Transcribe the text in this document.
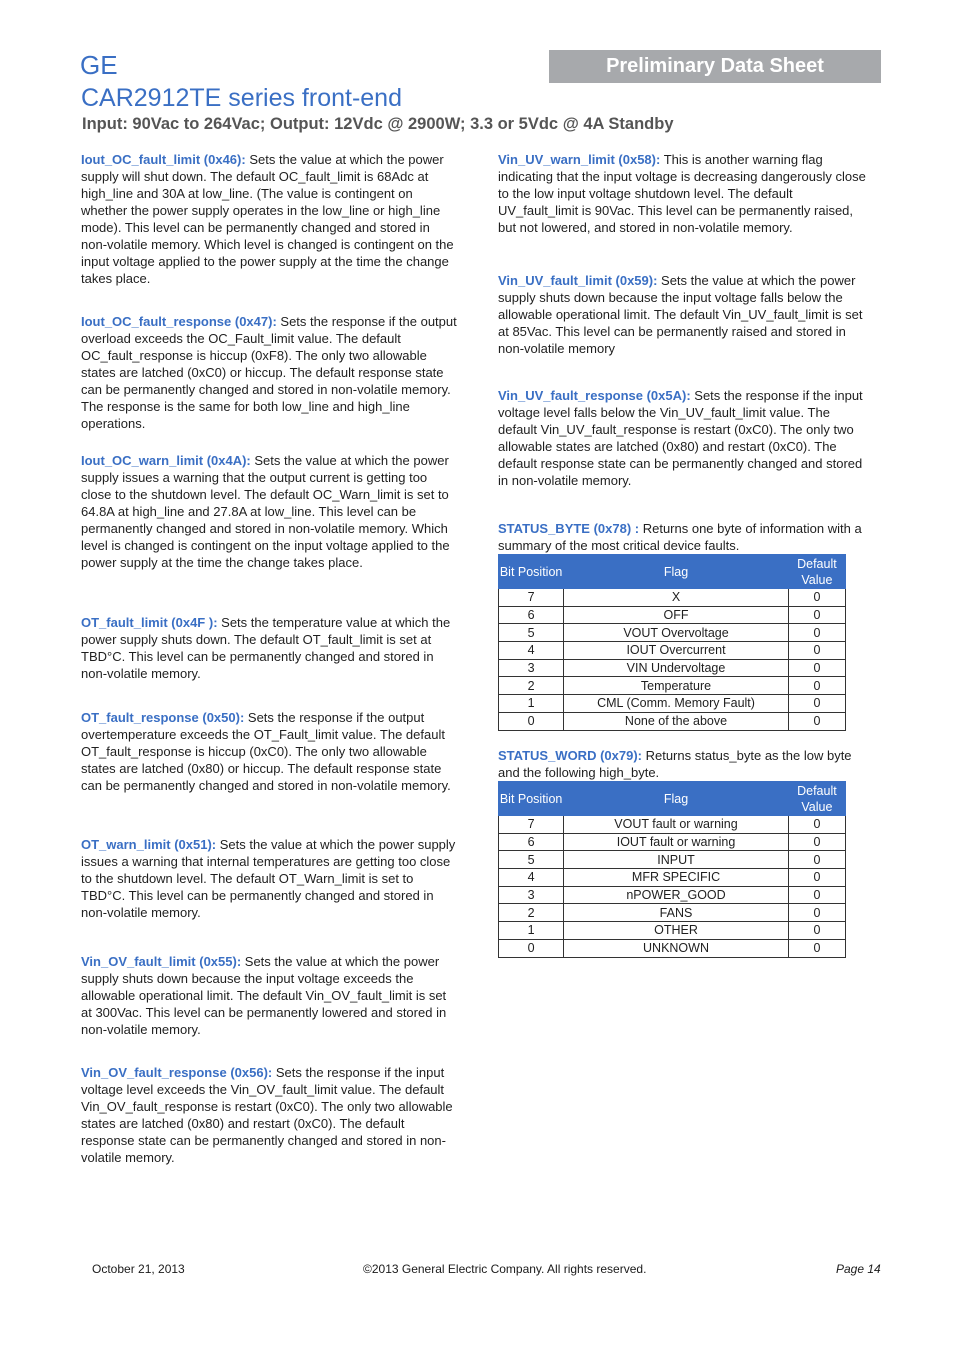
GE	Preliminary Data Sheet
CAR2912TE series front-end
Input: 90Vac to 264Vac; Output: 12Vdc @ 2900W; 3.3 or 5Vdc @ 4A Standby

Iout_OC_fault_limit (0x46): Sets the value at which the power supply will shut down. The default OC_fault_limit is 68Adc at high_line and 30A at low_line. (The value is contingent on whether the power supply operates in the low_line or high_line mode). This level can be permanently changed and stored in non-volatile memory. Which level is changed is contingent on the input voltage applied to the power supply at the time the change takes place.

Iout_OC_fault_response (0x47): Sets the response if the output overload exceeds the OC_Fault_limit value. The default OC_fault_response is hiccup (0xF8). The only two allowable states are latched (0xC0) or hiccup. The default response state can be permanently changed and stored in non-volatile memory. The response is the same for both low_line and high_line operations.

Iout_OC_warn_limit (0x4A): Sets the value at which the power supply issues a warning that the output current is getting too close to the shutdown level. The default OC_Warn_limit is set to 64.8A at high_line and 27.8A at low_line. This level can be permanently changed and stored in non-volatile memory. Which level is changed is contingent on the input voltage applied to the power supply at the time the change takes place.

OT_fault_limit (0x4F ): Sets the temperature value at which the power supply shuts down. The default OT_fault_limit is set at TBD°C. This level can be permanently changed and stored in non-volatile memory.

OT_fault_response (0x50): Sets the response if the output overtemperature exceeds the OT_Fault_limit value. The default OT_fault_response is hiccup (0xC0). The only two allowable states are latched (0x80) or hiccup. The default response state can be permanently changed and stored in non-volatile memory.

OT_warn_limit (0x51): Sets the value at which the power supply issues a warning that internal temperatures are getting too close to the shutdown level. The default OT_Warn_limit is set to TBD°C. This level can be permanently changed and stored in non-volatile memory.

Vin_OV_fault_limit (0x55): Sets the value at which the power supply shuts down because the input voltage exceeds the allowable operational limit. The default Vin_OV_fault_limit is set at 300Vac. This level can be permanently lowered and stored in non-volatile memory.

Vin_OV_fault_response (0x56): Sets the response if the input voltage level exceeds the Vin_OV_fault_limit value. The default Vin_OV_fault_response is restart (0xC0). The only two allowable states are latched (0x80) and restart (0xC0). The default response state can be permanently changed and stored in non-volatile memory.

Vin_UV_warn_limit (0x58): This is another warning flag indicating that the input voltage is decreasing dangerously close to the low input voltage shutdown level. The default UV_fault_limit is 90Vac. This level can be permanently raised, but not lowered, and stored in non-volatile memory.

Vin_UV_fault_limit (0x59): Sets the value at which the power supply shuts down because the input voltage falls below the allowable operational limit. The default Vin_UV_fault_limit is set at 85Vac. This level can be permanently raised and stored in non-volatile memory

Vin_UV_fault_response (0x5A): Sets the response if the input voltage level falls below the Vin_UV_fault_limit value. The default Vin_UV_fault_response is restart (0xC0). The only two allowable states are latched (0x80) and restart (0xC0). The default response state can be permanently changed and stored in non-volatile memory.

STATUS_BYTE (0x78) : Returns one byte of information with a summary of the most critical device faults.

Bit Position	Flag	Default Value
7	X	0
6	OFF	0
5	VOUT Overvoltage	0
4	IOUT Overcurrent	0
3	VIN Undervoltage	0
2	Temperature	0
1	CML (Comm. Memory Fault)	0
0	None of the above	0

STATUS_WORD (0x79): Returns status_byte as the low byte and the following high_byte.

Bit Position	Flag	Default Value
7	VOUT fault or warning	0
6	IOUT fault or warning	0
5	INPUT	0
4	MFR SPECIFIC	0
3	nPOWER_GOOD	0
2	FANS	0
1	OTHER	0
0	UNKNOWN	0
October 21, 2013	©2013 General Electric Company. All rights reserved.	Page 14
